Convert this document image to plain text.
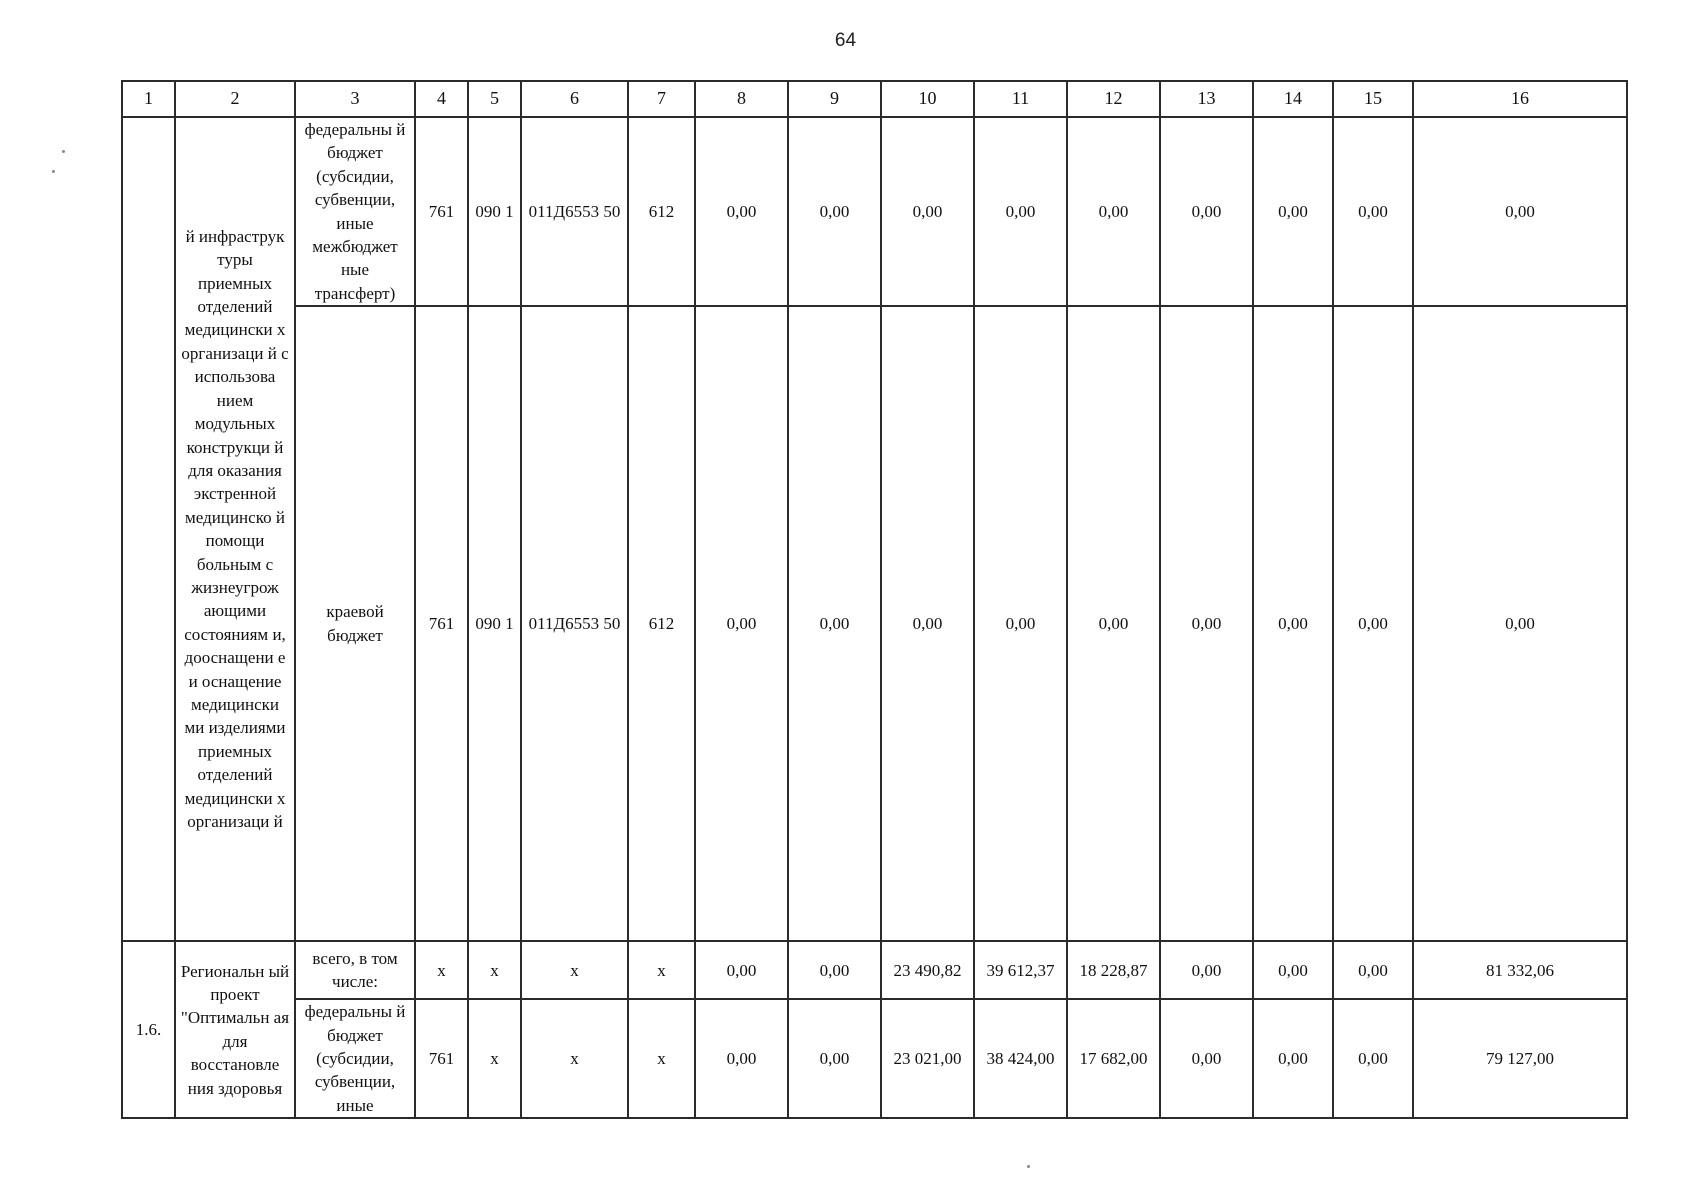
64
1	2	3	4	5	6	7	8	9	10	11	12	13	14	15	16
	й инфраструк туры приемных отделений медицински х организаци й с использова нием модульных конструкци й для оказания экстренной медицинско й помощи больным с жизнеугрож ающими состояниям и, дооснащени е и оснащение медицински ми изделиями приемных отделений медицински х организаци й	федеральны й бюджет (субсидии, субвенции, иные межбюджет ные трансферт)	761	090 1	011Д6553 50	612	0,00	0,00	0,00	0,00	0,00	0,00	0,00	0,00	0,00
		краевой бюджет	761	090 1	011Д6553 50	612	0,00	0,00	0,00	0,00	0,00	0,00	0,00	0,00	0,00
1.6.	Региональн ый проект "Оптимальн ая для восстановле ния здоровья	всего, в том числе:	х	х	х	х	0,00	0,00	23 490,82	39 612,37	18 228,87	0,00	0,00	0,00	81 332,06
		федеральны й бюджет (субсидии, субвенции, иные	761	х	х	х	0,00	0,00	23 021,00	38 424,00	17 682,00	0,00	0,00	0,00	79 127,00
